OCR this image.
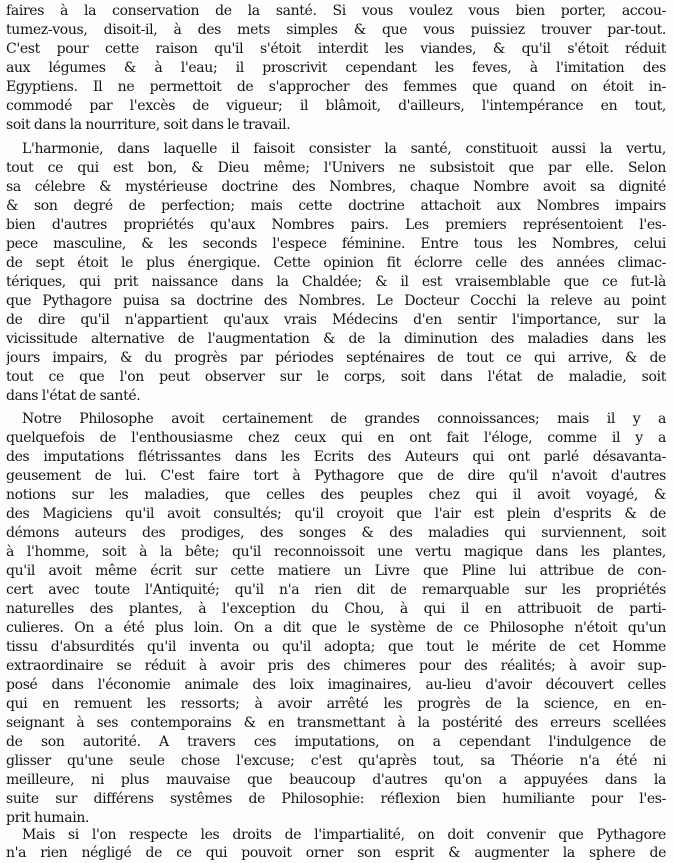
faires à la conservation de la santé. Si vous voulez vous bien porter, accou-
tumez-vous, disoit-il, à des mets simples & que vous puissiez trouver par-tout.
C'est pour cette raison qu'il s'étoit interdit les viandes, & qu'il s'étoit réduit
aux légumes & à l'eau; il proscrivit cependant les feves, à l'imitation des
Egyptiens. Il ne permettoit de s'approcher des femmes que quand on étoit in-
commodé par l'excès de vigueur; il blâmoit, d'ailleurs, l'intempérance en tout,
soit dans la nourriture, soit dans le travail.
L'harmonie, dans laquelle il faisoit consister la santé, constituoit aussi la vertu,
tout ce qui est bon, & Dieu même; l'Univers ne subsistoit que par elle. Selon
sa célebre & mystérieuse doctrine des Nombres, chaque Nombre avoit sa dignité
& son degré de perfection; mais cette doctrine attachoit aux Nombres impairs
bien d'autres propriétés qu'aux Nombres pairs. Les premiers représentoient l'es-
pece masculine, & les seconds l'espece féminine. Entre tous les Nombres, celui
de sept étoit le plus énergique. Cette opinion fit éclorre celle des années climac-
tériques, qui prit naissance dans la Chaldée; & il est vraisemblable que ce fut-là
que Pythagore puisa sa doctrine des Nombres. Le Docteur Cocchi la releve au point
de dire qu'il n'appartient qu'aux vrais Médecins d'en sentir l'importance, sur la
vicissitude alternative de l'augmentation & de la diminution des maladies dans les
jours impairs, & du progrès par périodes septénaires de tout ce qui arrive, & de
tout ce que l'on peut observer sur le corps, soit dans l'état de maladie, soit
dans l'état de santé.
Notre Philosophe avoit certainement de grandes connoissances; mais il y a
quelquefois de l'enthousiasme chez ceux qui en ont fait l'éloge, comme il y a
des imputations flétrissantes dans les Ecrits des Auteurs qui ont parlé désavanta-
geusement de lui. C'est faire tort à Pythagore que de dire qu'il n'avoit d'autres
notions sur les maladies, que celles des peuples chez qui il avoit voyagé, &
des Magiciens qu'il avoit consultés; qu'il croyoit que l'air est plein d'esprits & de
démons auteurs des prodiges, des songes & des maladies qui surviennent, soit
à l'homme, soit à la bête; qu'il reconnoissoit une vertu magique dans les plantes,
qu'il avoit même écrit sur cette matiere un Livre que Pline lui attribue de con-
cert avec toute l'Antiquité; qu'il n'a rien dit de remarquable sur les propriétés
naturelles des plantes, à l'exception du Chou, à qui il en attribuoit de parti-
culieres. On a été plus loin. On a dit que le système de ce Philosophe n'étoit qu'un
tissu d'absurdités qu'il inventa ou qu'il adopta; que tout le mérite de cet Homme
extraordinaire se réduit à avoir pris des chimeres pour des réalités; à avoir sup-
posé dans l'économie animale des loix imaginaires, au-lieu d'avoir découvert celles
qui en remuent les ressorts; à avoir arrêté les progrès de la science, en en-
seignant à ses contemporains & en transmettant à la postérité des erreurs scellées
de son autorité. A travers ces imputations, on a cependant l'indulgence de
glisser qu'une seule chose l'excuse; c'est qu'après tout, sa Théorie n'a été ni
meilleure, ni plus mauvaise que beaucoup d'autres qu'on a appuyées dans la
suite sur différens systêmes de Philosophie: réflexion bien humiliante pour l'es-
prit humain.
Mais si l'on respecte les droits de l'impartialité, on doit convenir que Pythagore
n'a rien négligé de ce qui pouvoit orner son esprit & augmenter la sphere de
